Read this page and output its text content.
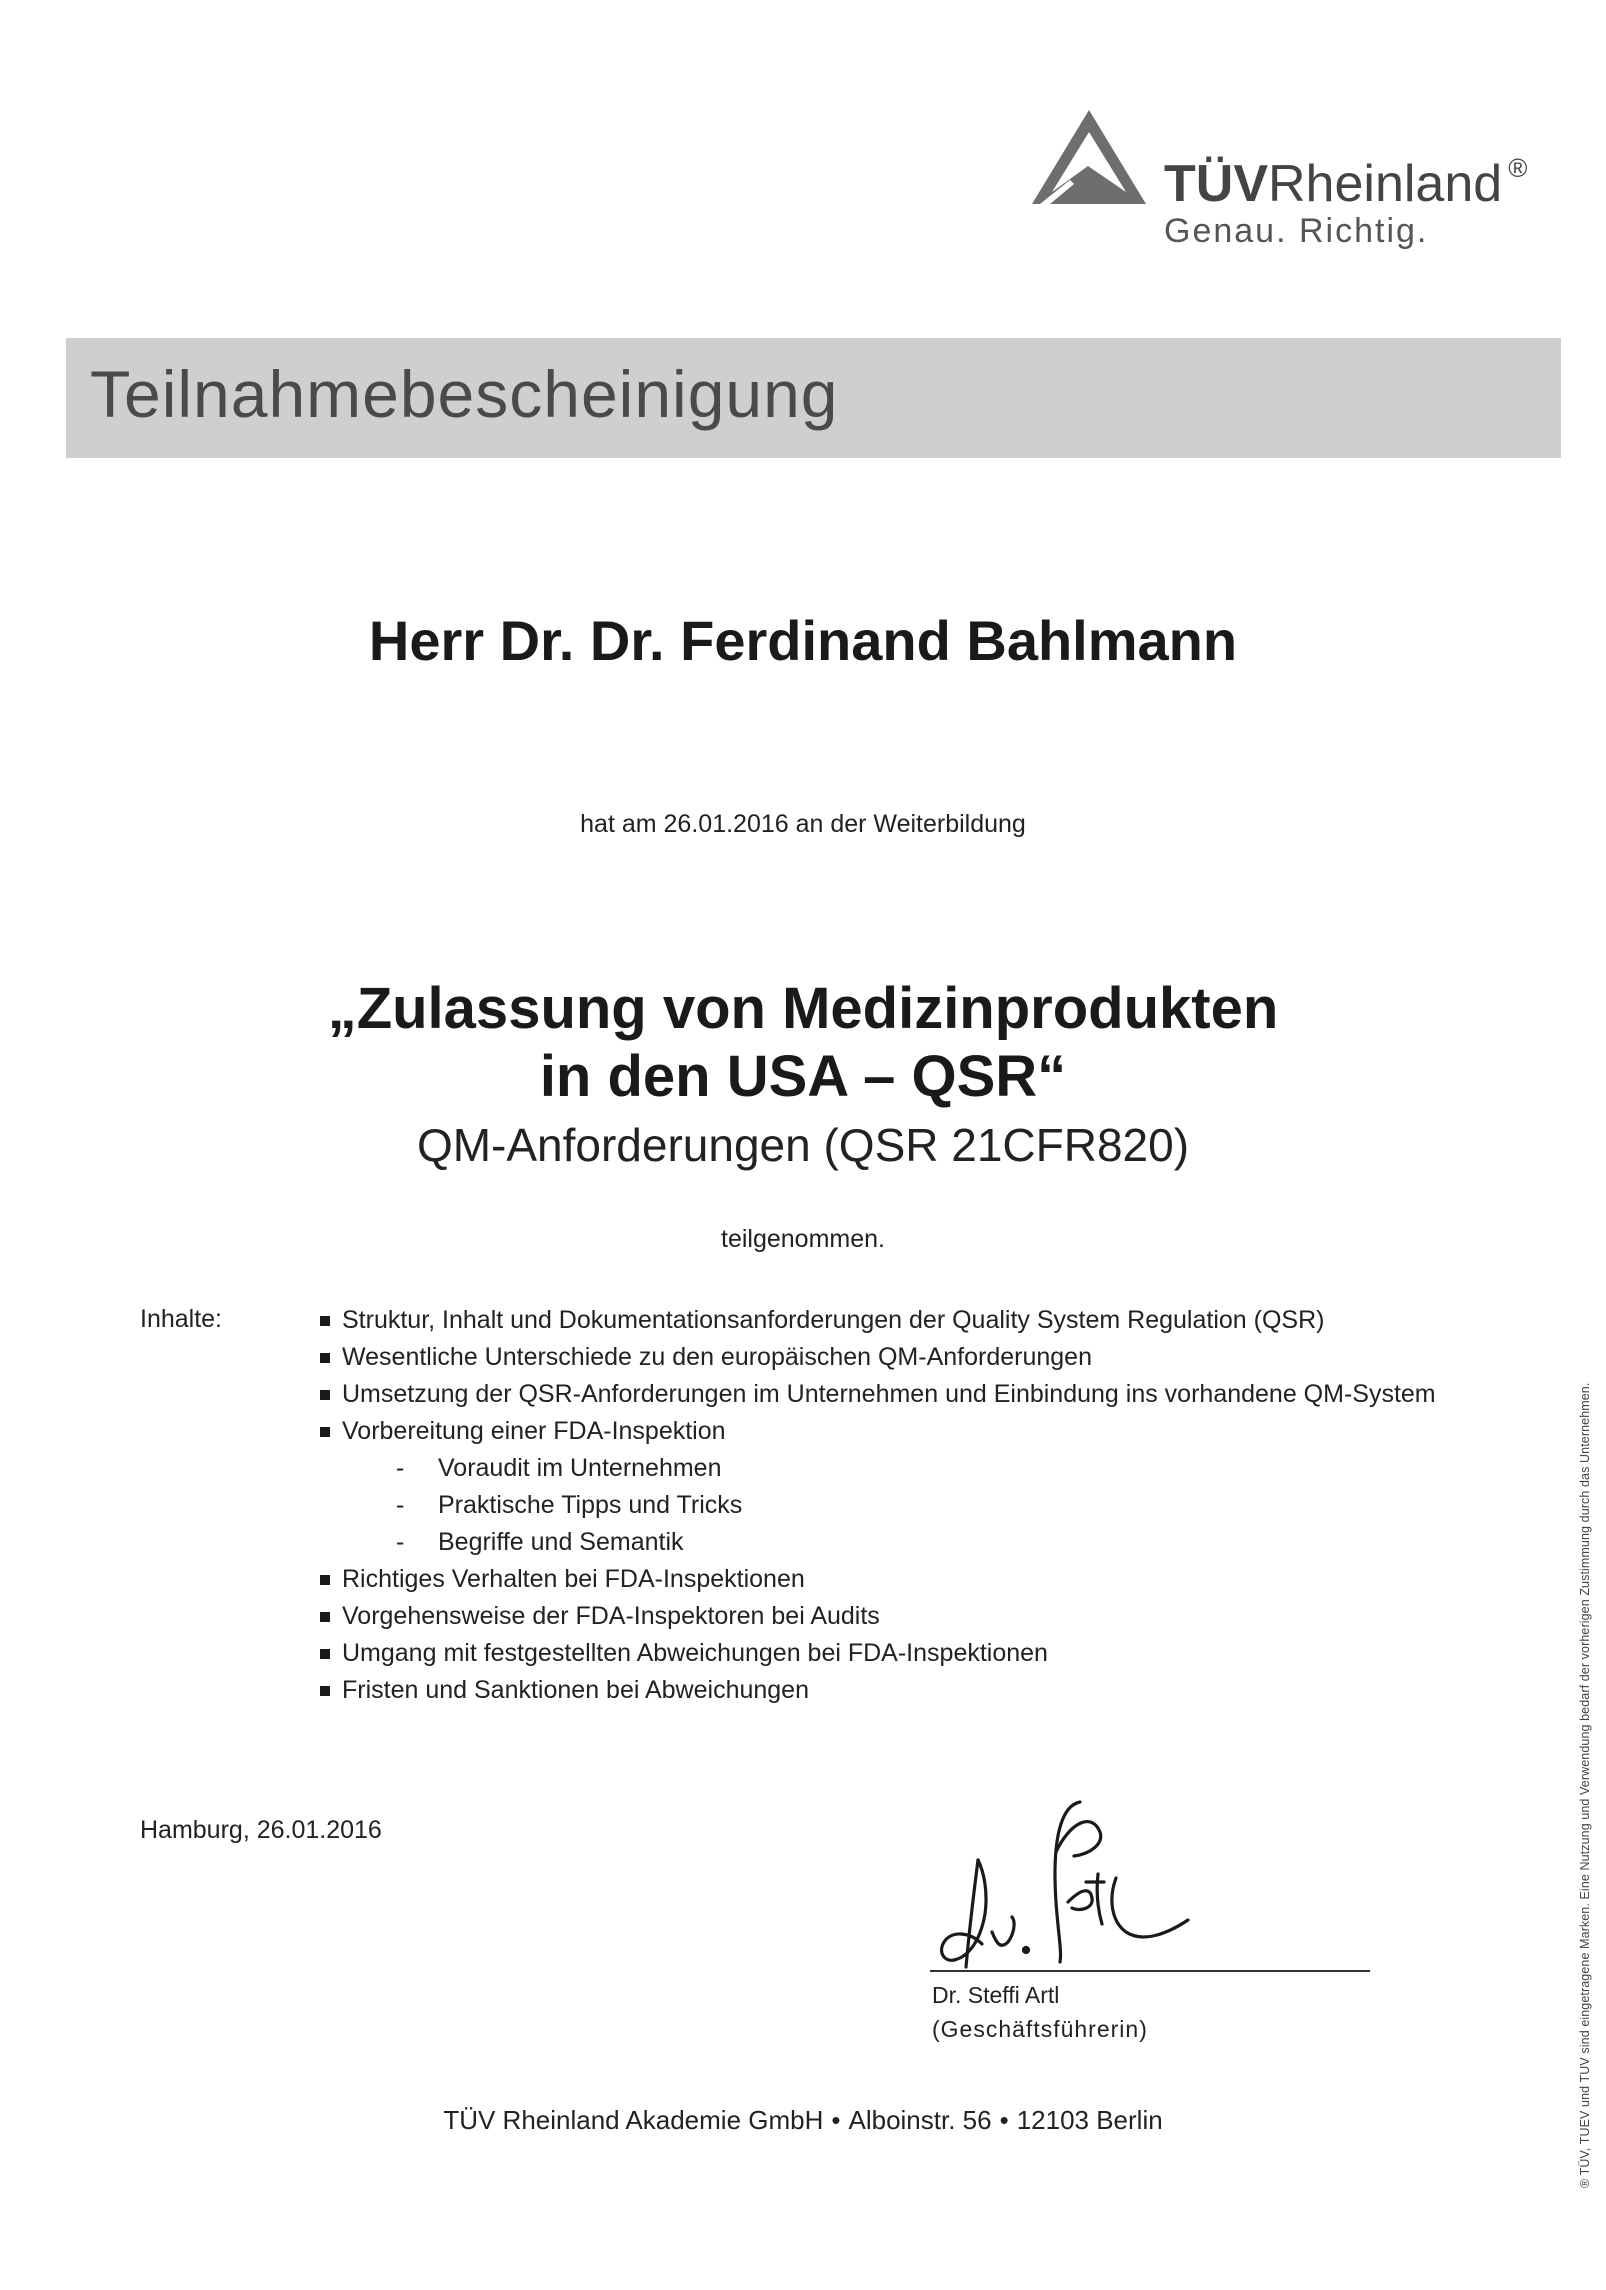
TÜVRheinland ®
Genau. Richtig.
Teilnahmebescheinigung
Herr Dr. Dr. Ferdinand Bahlmann
hat am 26.01.2016 an der Weiterbildung
„Zulassung von Medizinprodukten
in den USA – QSR“
QM-Anforderungen (QSR 21CFR820)
teilgenommen.
Inhalte:	Struktur, Inhalt und Dokumentationsanforderungen der Quality System Regulation (QSR)
Wesentliche Unterschiede zu den europäischen QM-Anforderungen
Umsetzung der QSR-Anforderungen im Unternehmen und Einbindung ins vorhandene QM-System
Vorbereitung einer FDA-Inspektion
- Voraudit im Unternehmen
- Praktische Tipps und Tricks
- Begriffe und Semantik
Richtiges Verhalten bei FDA-Inspektionen
Vorgehensweise der FDA-Inspektoren bei Audits
Umgang mit festgestellten Abweichungen bei FDA-Inspektionen
Fristen und Sanktionen bei Abweichungen
Hamburg, 26.01.2016
Dr. Steffi Artl
(Geschäftsführerin)
TÜV Rheinland Akademie GmbH • Alboinstr. 56 • 12103 Berlin	® TÜV, TUEV und TUV sind eingetragene Marken. Eine Nutzung und Verwendung bedarf der vorherigen Zustimmung durch das Unternehmen.
